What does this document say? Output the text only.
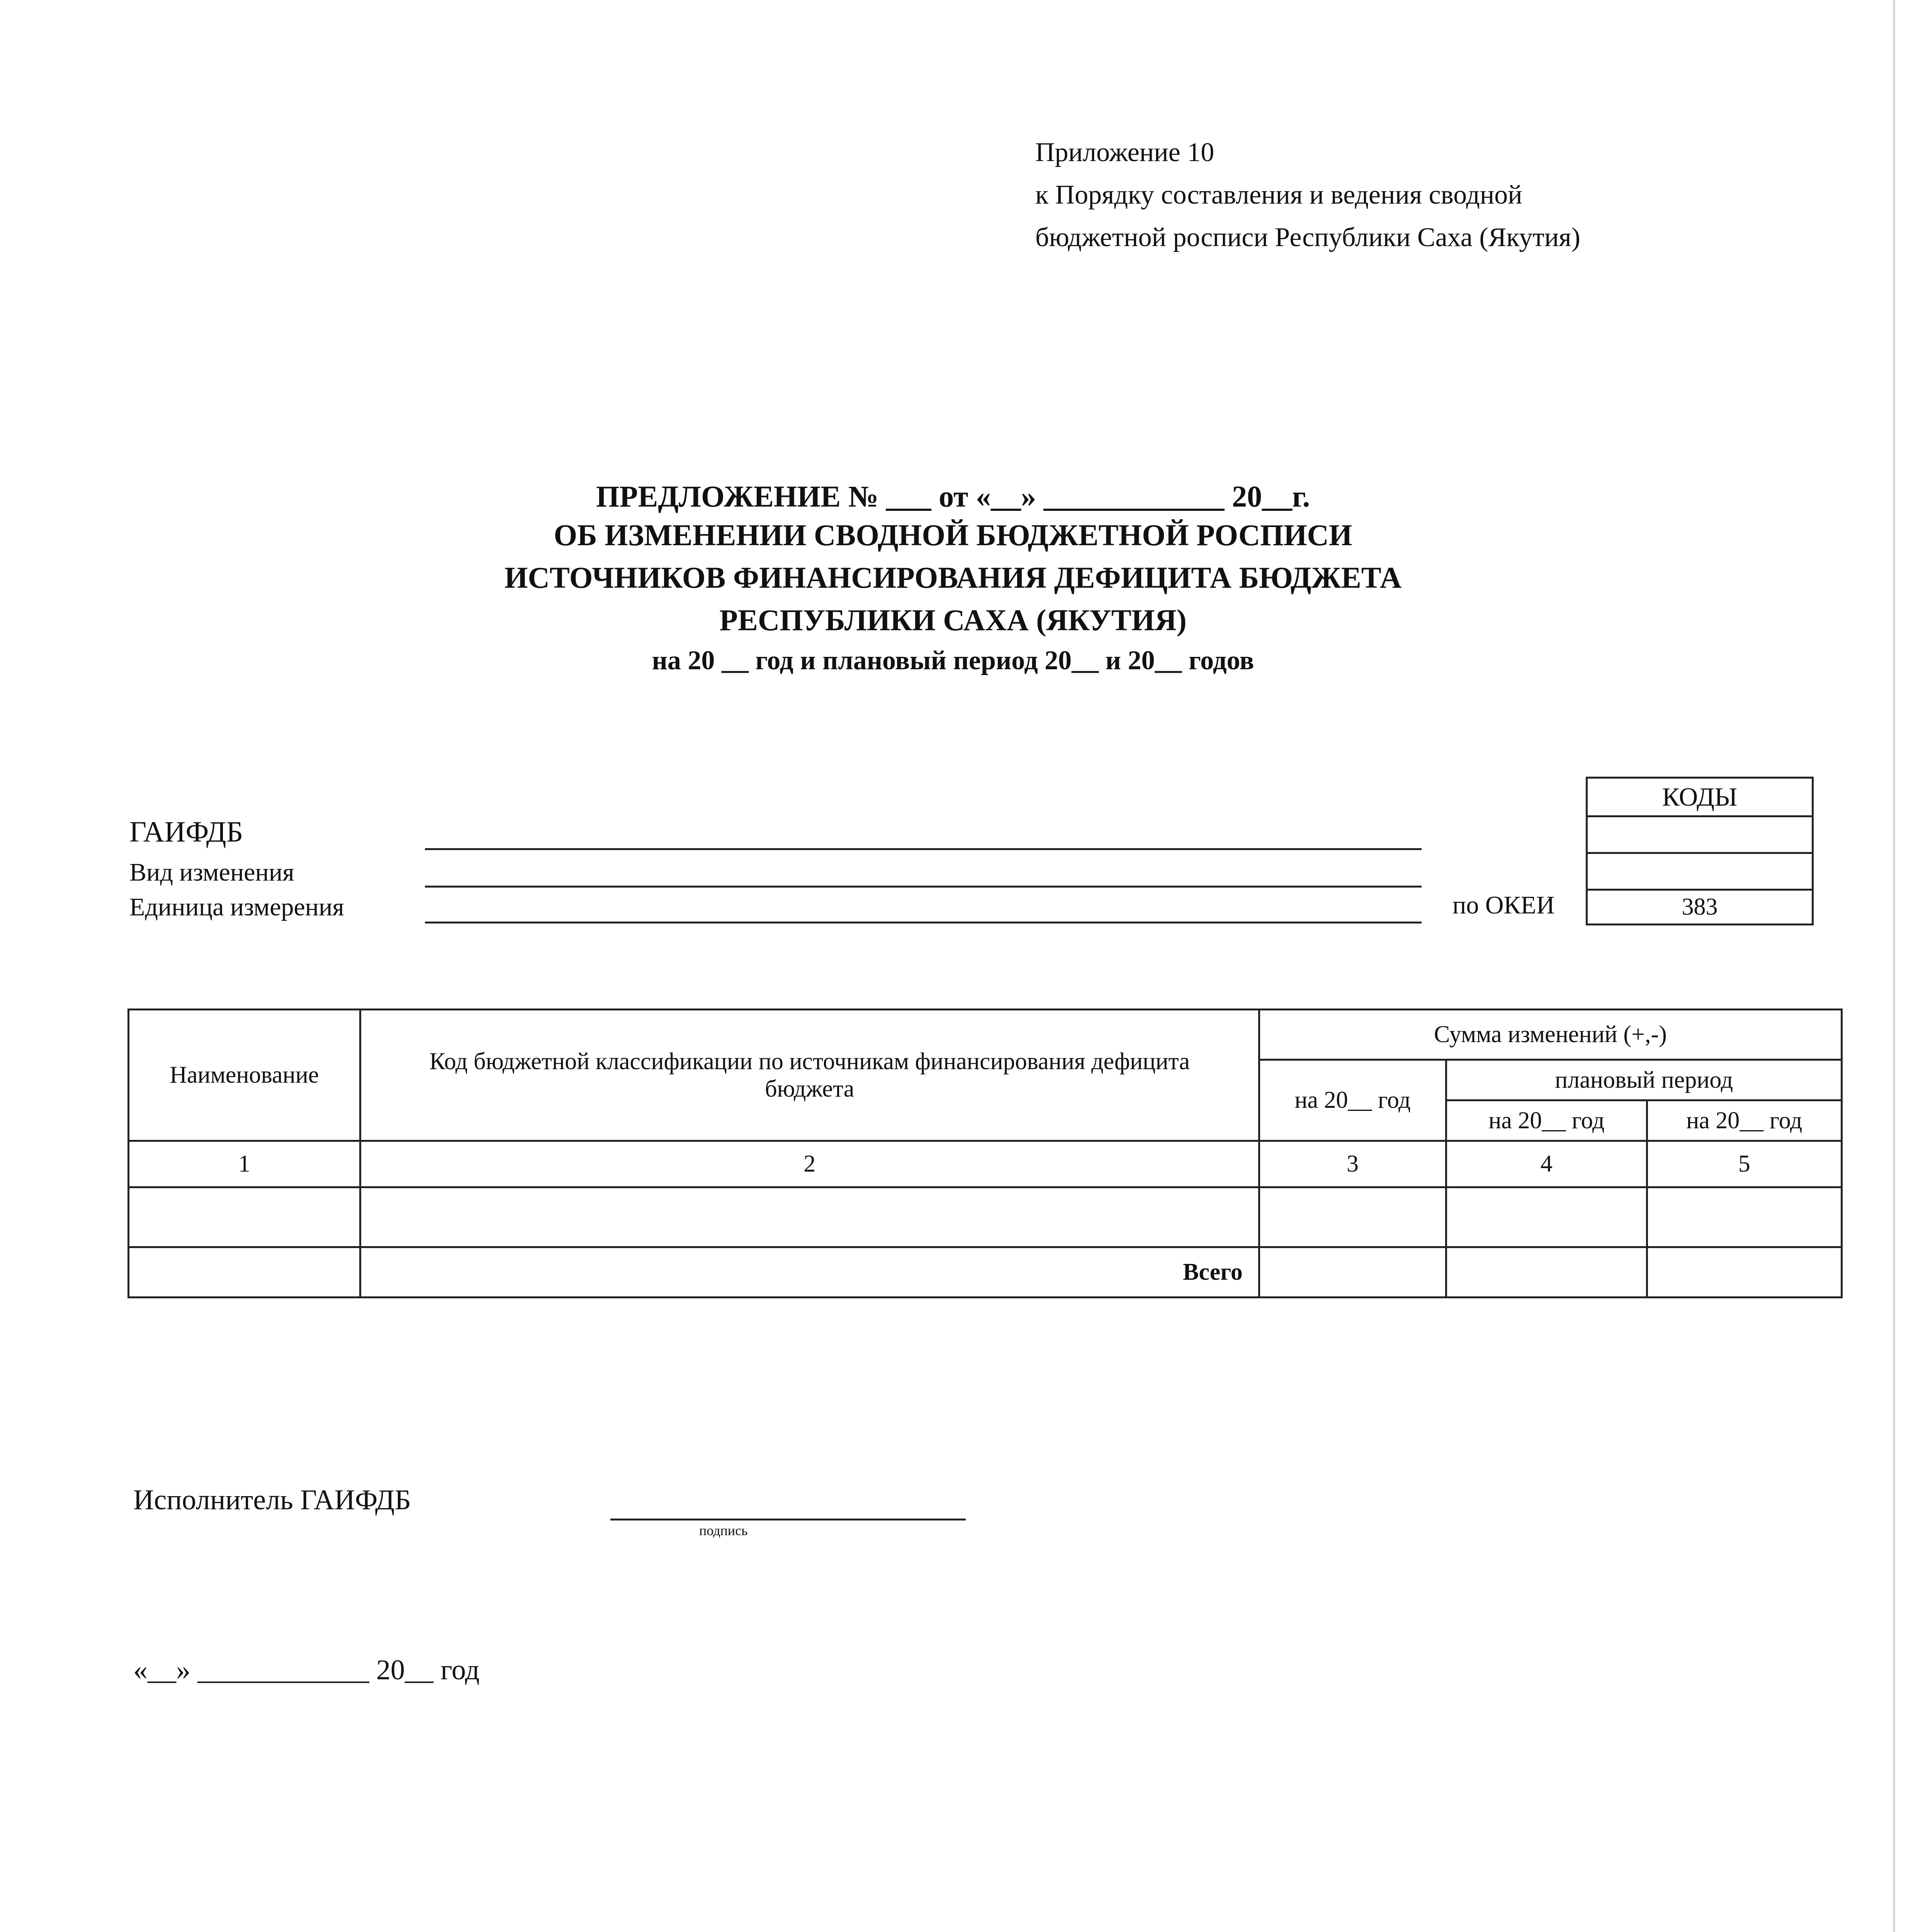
Приложение 10
к Порядку составления и ведения сводной
бюджетной росписи Республики Саха (Якутия)
ПРЕДЛОЖЕНИЕ № ___ от «__» ____________ 20__г.
ОБ ИЗМЕНЕНИИ СВОДНОЙ БЮДЖЕТНОЙ РОСПИСИ
ИСТОЧНИКОВ ФИНАНСИРОВАНИЯ ДЕФИЦИТА БЮДЖЕТА
РЕСПУБЛИКИ САХА (ЯКУТИЯ)
на 20 __ год и плановый период 20__ и 20__ годов
ГАИФДБ
Вид изменения
Единица измерения	по ОКЕИ
КОДЫ

383
Наименование	Код бюджетной классификации по источникам финансирования дефицита бюджета	Сумма изменений (+,-)		
		на 20__ год	плановый период	
			на 20__ год	на 20__ год
1	2	3	4	5

	Всего			
Исполнитель ГАИФДБ
подпись
«__» ____________ 20__ год
